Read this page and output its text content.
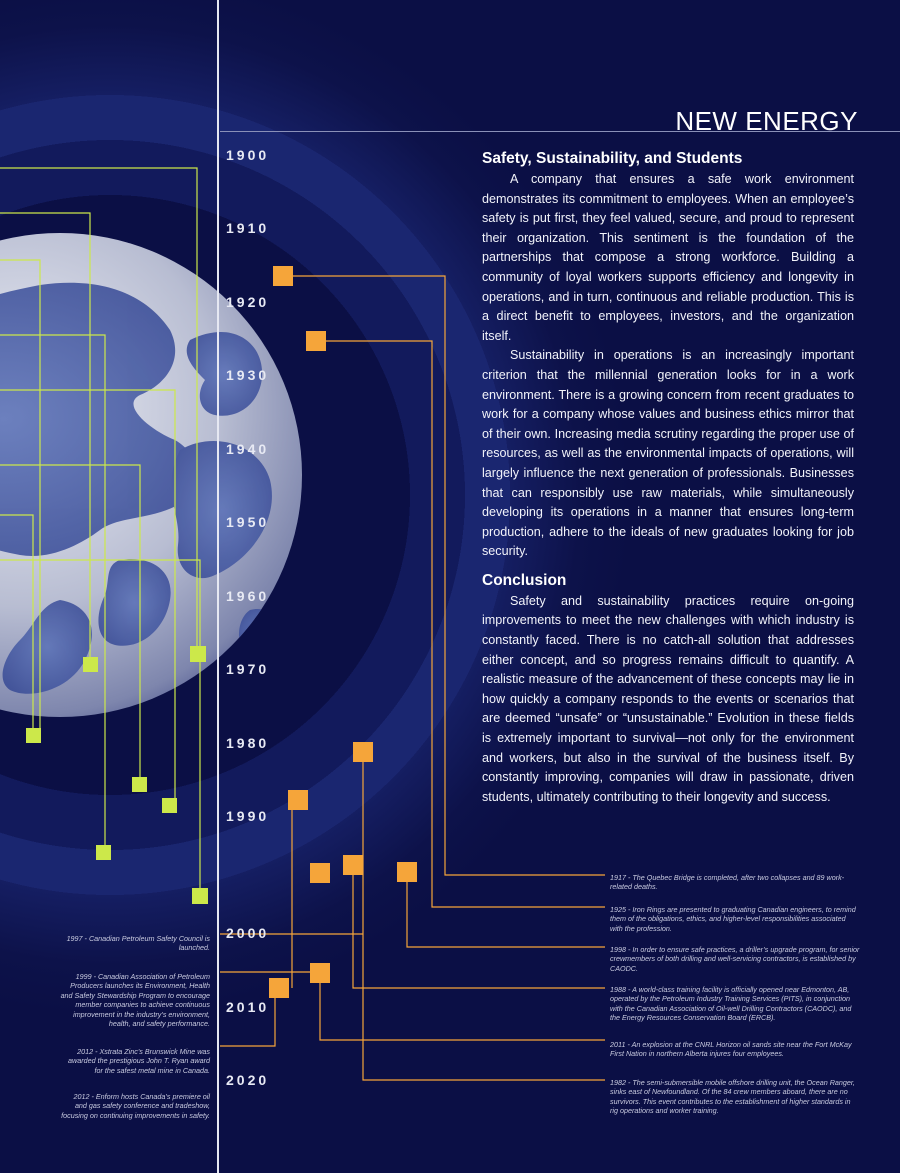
NEW ENERGY
1900
1910
1920
1930
1940
1950
1960
1970
1980
1990
2000
2010
2020
Safety, Sustainability, and Students

A company that ensures a safe work environment demonstrates its commitment to employees. When an employee’s safety is put first, they feel valued, secure, and proud to represent their organization. This sentiment is the foundation of the partnerships that compose a strong workforce. Building a community of loyal workers supports efficiency and longevity in operations, and in turn, continuous and reliable production. This is a direct benefit to employees, investors, and the organization itself.

Sustainability in operations is an increasingly important criterion that the millennial generation looks for in a work environment. There is a growing concern from recent graduates to work for a company whose values and business ethics mirror that of their own. Increasing media scrutiny regarding the proper use of resources, as well as the environmental impacts of operations, will largely influence the next generation of professionals. Businesses that can responsibly use raw materials, while simultaneously developing its operations in a manner that ensures long-term production, adhere to the ideals of new graduates looking for job security.

Conclusion

Safety and sustainability practices require on-going improvements to meet the new challenges with which industry is constantly faced. There is no catch-all solution that addresses either concept, and so progress remains difficult to quantify. A realistic measure of the advancement of these concepts may lie in how quickly a company responds to the events or scenarios that are deemed “unsafe” or “unsustainable.” Evolution in these fields is extremely important to survival—not only for the environment and workers, but also in the survival of the business itself. By constantly improving, companies will draw in passionate, driven students, ultimately contributing to their longevity and success.

1917 - The Quebec Bridge is completed, after two collapses and 89 work-related deaths.
1925 - Iron Rings are presented to graduating Canadian engineers, to remind them of the obligations, ethics, and higher-level responsibilities associated with the profession.
1998 - In order to ensure safe practices, a driller’s upgrade program, for senior crewmembers of both drilling and well-servicing contractors, is established by CAODC.
1988 - A world-class training facility is officially opened near Edmonton, AB, operated by the Petroleum Industry Training Services (PITS), in conjunction with the Canadian Association of Oil-well Drilling Contractors (CAODC), and the Energy Resources Conservation Board (ERCB).
2011 - An explosion at the CNRL Horizon oil sands site near the Fort McKay First Nation in northern Alberta injures four employees.
1982 - The semi-submersible mobile offshore drilling unit, the Ocean Ranger, sinks east of Newfoundland. Of the 84 crew members aboard, there are no survivors. This event contributes to the establishment of higher standards in rig operations and worker training.
1997 - Canadian Petroleum Safety Council is launched.
1999 - Canadian Association of Petroleum Producers launches its Environment, Health and Safety Stewardship Program to encourage member companies to achieve continuous improvement in the industry’s environment, health, and safety performance.
2012 - Xstrata Zinc’s Brunswick Mine was awarded the prestigious John T. Ryan award for the safest metal mine in Canada.
2012 - Enform hosts Canada’s premiere oil and gas safety conference and tradeshow, focusing on continuing improvements in safety.
